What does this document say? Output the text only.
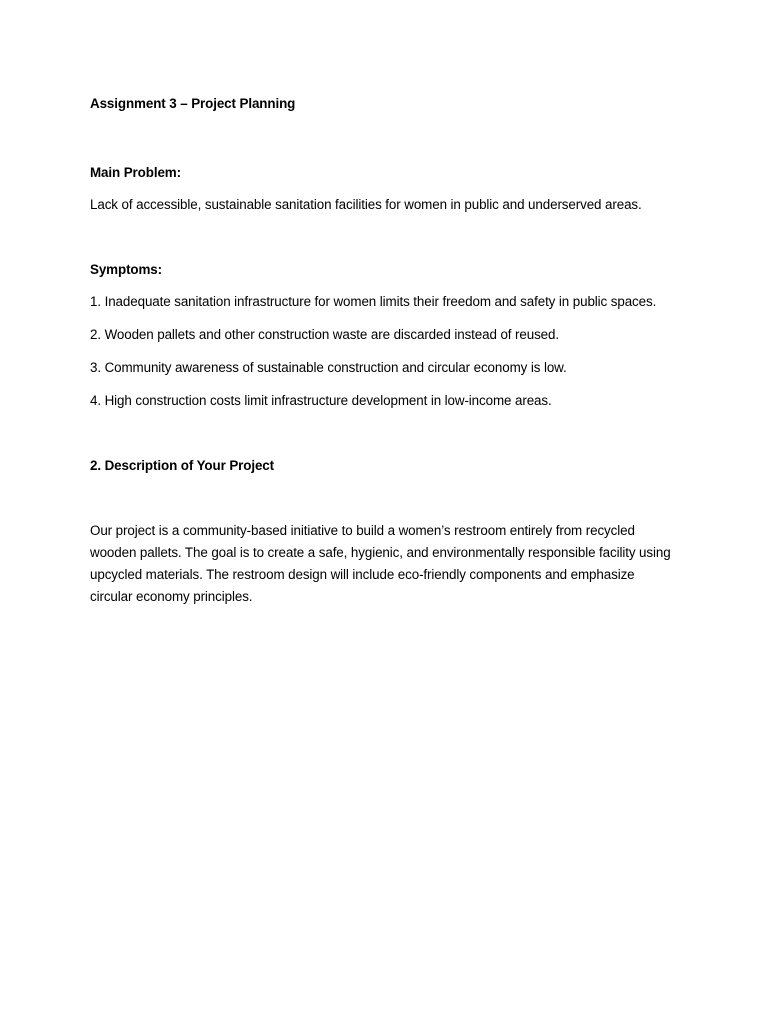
Assignment 3 – Project Planning

Main Problem:

Lack of accessible, sustainable sanitation facilities for women in public and underserved areas.

Symptoms:

1. Inadequate sanitation infrastructure for women limits their freedom and safety in public spaces.

2. Wooden pallets and other construction waste are discarded instead of reused.

3. Community awareness of sustainable construction and circular economy is low.

4. High construction costs limit infrastructure development in low-income areas.

2. Description of Your Project

Our project is a community-based initiative to build a women’s restroom entirely from recycled wooden pallets. The goal is to create a safe, hygienic, and environmentally responsible facility using upcycled materials. The restroom design will include eco-friendly components and emphasize circular economy principles.
